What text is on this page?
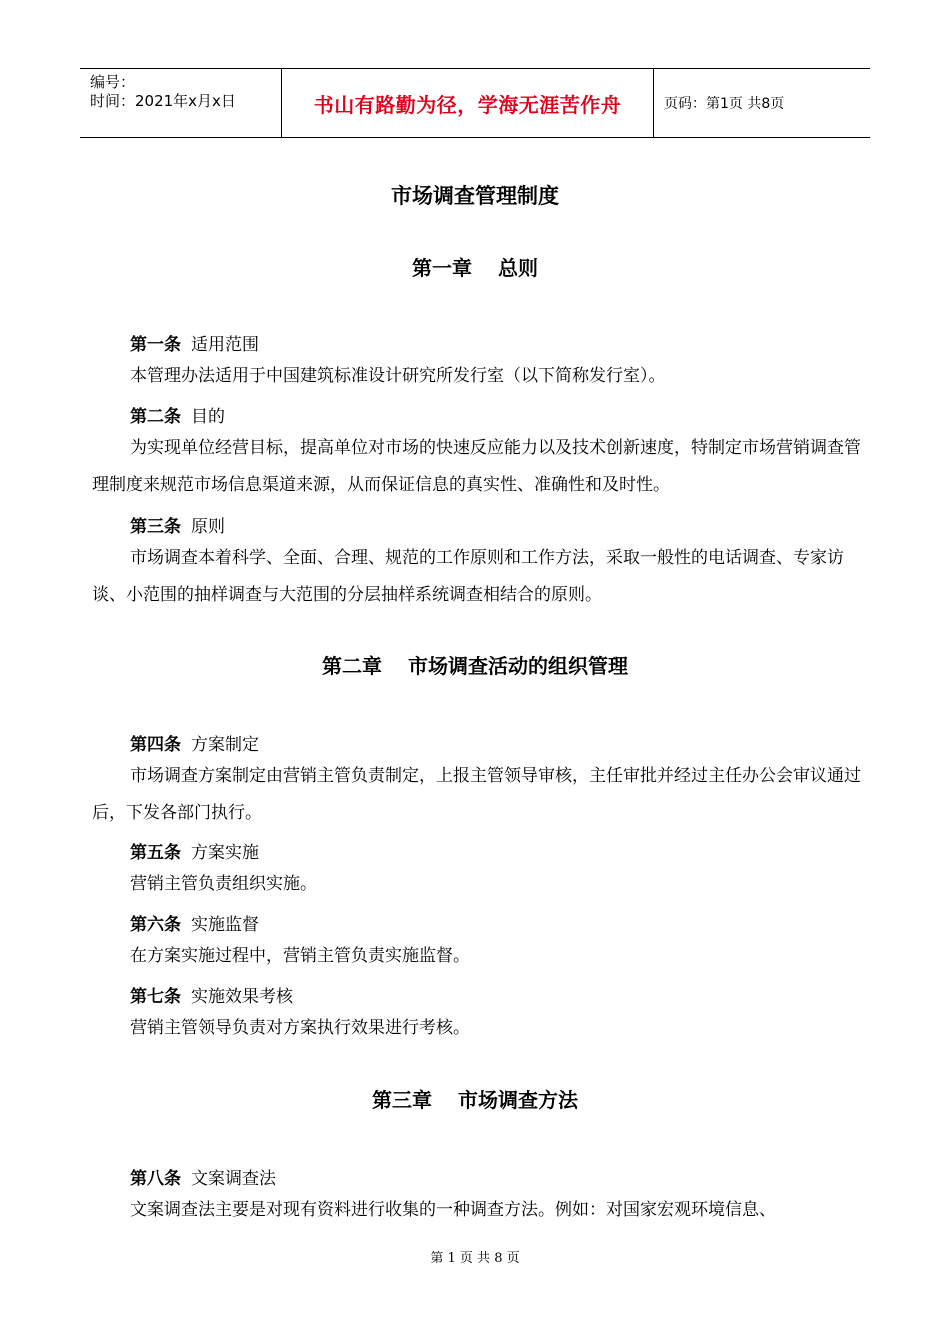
编号：
时间：2021年x月x日	书山有路勤为径，学海无涯苦作舟	页码：第1页 共8页
市场调查管理制度
第一章 总则
第一条 适用范围
本管理办法适用于中国建筑标准设计研究所发行室（以下简称发行室）。
第二条 目的
为实现单位经营目标，提高单位对市场的快速反应能力以及技术创新速度，特制定市场营销调查管理制度来规范市场信息渠道来源，从而保证信息的真实性、准确性和及时性。
第三条 原则
市场调查本着科学、全面、合理、规范的工作原则和工作方法，采取一般性的电话调查、专家访谈、小范围的抽样调查与大范围的分层抽样系统调查相结合的原则。
第二章 市场调查活动的组织管理
第四条 方案制定
市场调查方案制定由营销主管负责制定，上报主管领导审核，主任审批并经过主任办公会审议通过后，下发各部门执行。
第五条 方案实施
营销主管负责组织实施。
第六条 实施监督
在方案实施过程中，营销主管负责实施监督。
第七条 实施效果考核
营销主管领导负责对方案执行效果进行考核。
第三章 市场调查方法
第八条 文案调查法
文案调查法主要是对现有资料进行收集的一种调查方法。例如：对国家宏观环境信息、
第 1 页 共 8 页
